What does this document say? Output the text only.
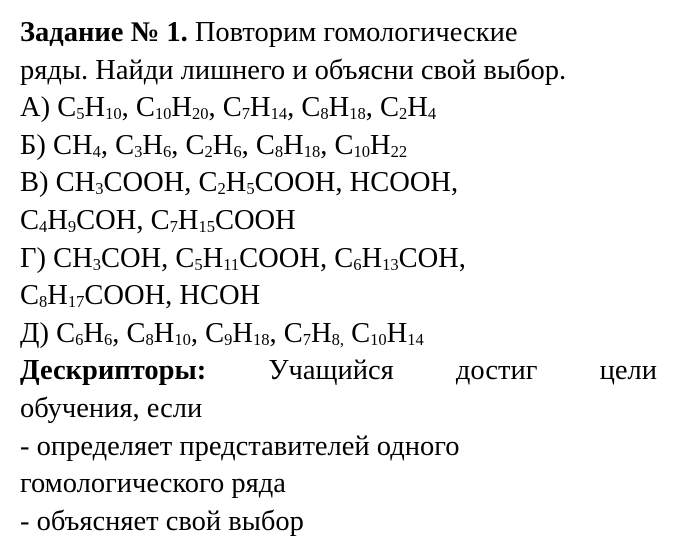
Задание № 1. Повторим гомологические
ряды. Найди лишнего и объясни свой выбор.
А) $C_5H_{10}$, $C_{10}H_{20}$, $C_7H_{14}$, $C_8H_{18}$, $C_2H_4$
Б) $CH_4$, $C_3H_6$, $C_2H_6$, $C_8H_{18}$, $C_{10}H_{22}$
В) $CH_3COOH$, $C_2H_5COOH$, HCOOH,
$C_4H_9COH$, $C_7H_{15}COOH$
Г) $CH_3COH$, $C_5H_{11}COOH$, $C_6H_{13}COH$,
$C_8H_{17}COOH$, HCOH
Д) $C_6H_6$, $C_8H_{10}$, $C_9H_{18}$, $C_7H_{8,}$ $C_{10}H_{14}$
Дескрипторы: Учащийся достиг цели
обучения, если
- определяет представителей одного
гомологического ряда
- объясняет свой выбор
